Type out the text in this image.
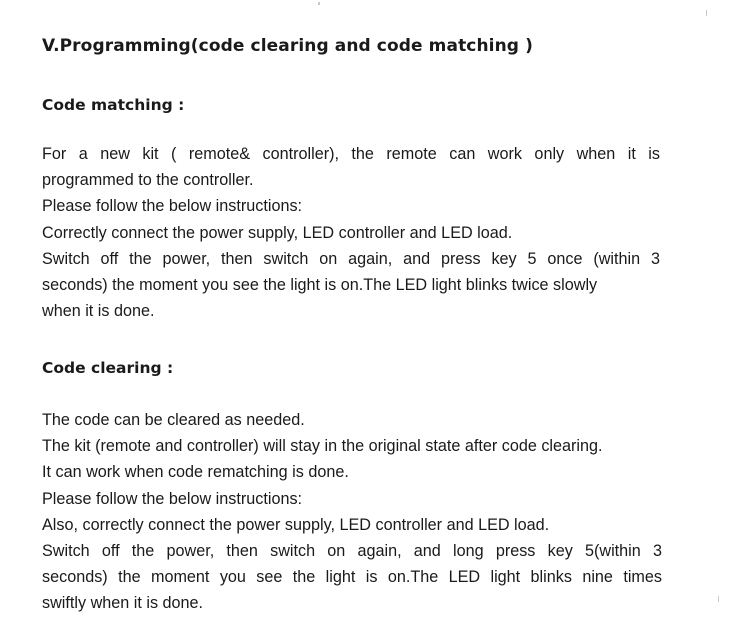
V.Programming(code clearing and code matching )
Code matching :
For a new kit ( remote& controller), the remote can work only when it is
programmed to the controller.
Please follow the below instructions:
Correctly connect the power supply, LED controller and LED load.
Switch off the power, then switch on again, and press key 5 once (within 3
seconds) the moment you see the light is on.The LED light blinks twice slowly
when it is done.
Code clearing :
The code can be cleared as needed.
The kit (remote and controller) will stay in the original state after code clearing.
It can work when code rematching is done.
Please follow the below instructions:
Also, correctly connect the power supply, LED controller and LED load.
Switch off the power, then switch on again, and long press key 5(within 3
seconds) the moment you see the light is on.The LED light blinks nine times
swiftly when it is done.
